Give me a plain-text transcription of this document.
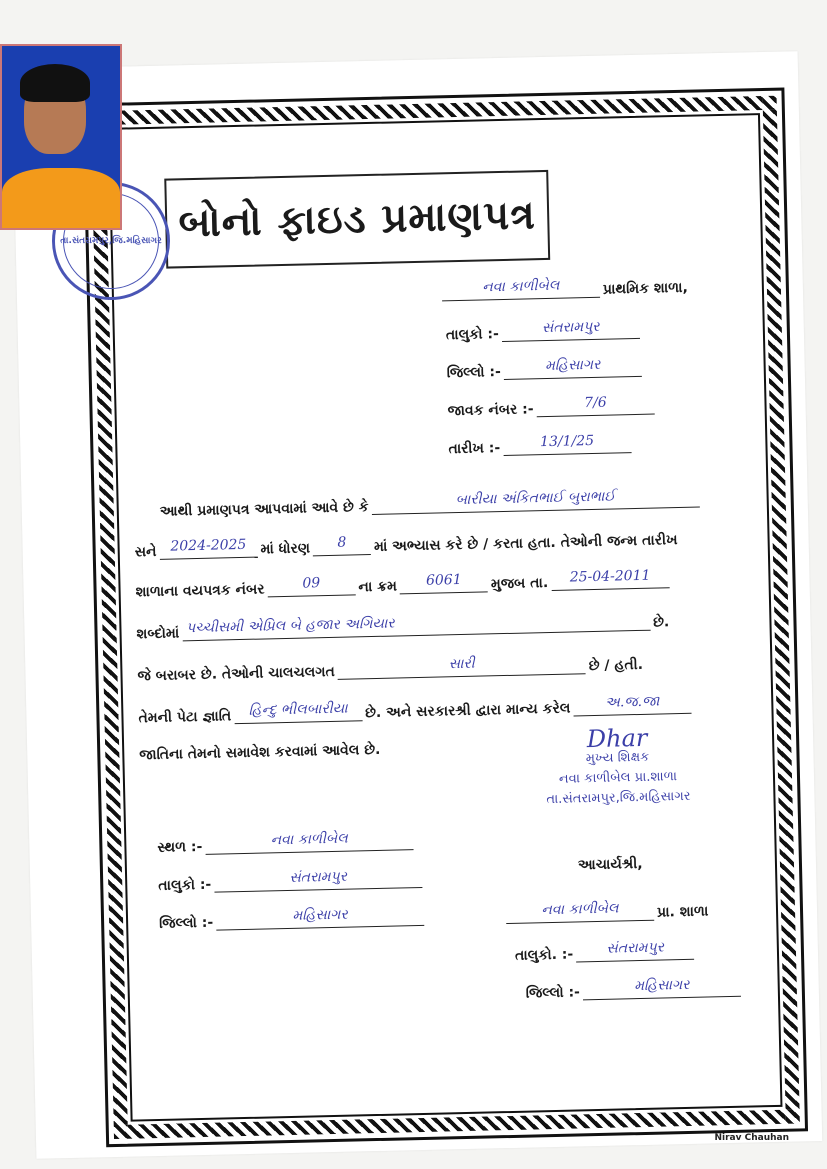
બોનો ફાઇડ પ્રમાણપત્ર
નવા કાળીબેલ	પ્રાથમિક શાળા,
તાલુકો :-	સંતરામપુર
જિલ્લો :-	મહિસાગર
જાવક નંબર :-	7/6
તારીખ :-	13/1/25
આથી પ્રમાણપત્ર આપવામાં આવે છે કે
બારીયા અંકિતભાઈ બુરાભાઈ
સને 2024-2025 માં ધોરણ	8	માં અભ્યાસ કરે છે / કરતા હતા. તેઓની જન્મ તારીખ
શાળાના વયપત્રક નંબર	09	ના ક્રમ	6061	મુજબ તા.	25-04-2011
શબ્દોમાં પચ્ચીસમી એપ્રિલ બે હજાર અગિયાર	છે.
જે બરાબર છે. તેઓની ચાલચલગત	સારી	છે / હતી.
તેમની પેટા જ્ઞાતિ	હિન્દુ ભીલબારીયા	છે. અને સરકારશ્રી દ્વારા માન્ય કરેલ	અ.જ.જા
જાતિના તેમનો સમાવેશ કરવામાં આવેલ છે.
સ્થળ :-	નવા કાળીબેલ
તાલુકો :-	સંતરામપુર
જિલ્લો :-	મહિસાગર
Dhar
મુખ્ય શિક્ષક
નવા કાળીબેલ પ્રા.શાળા
તા.સંતરામપુર,જિ.મહિસાગર
આચાર્યશ્રી,
નવા કાળીબેલ	પ્રા. શાળા
તાલુકો. :-	સંતરામપુર
જિલ્લો :-	મહિસાગર
તા.સંતરામપુર,જિ.મહિસાગર
Nirav Chauhan
